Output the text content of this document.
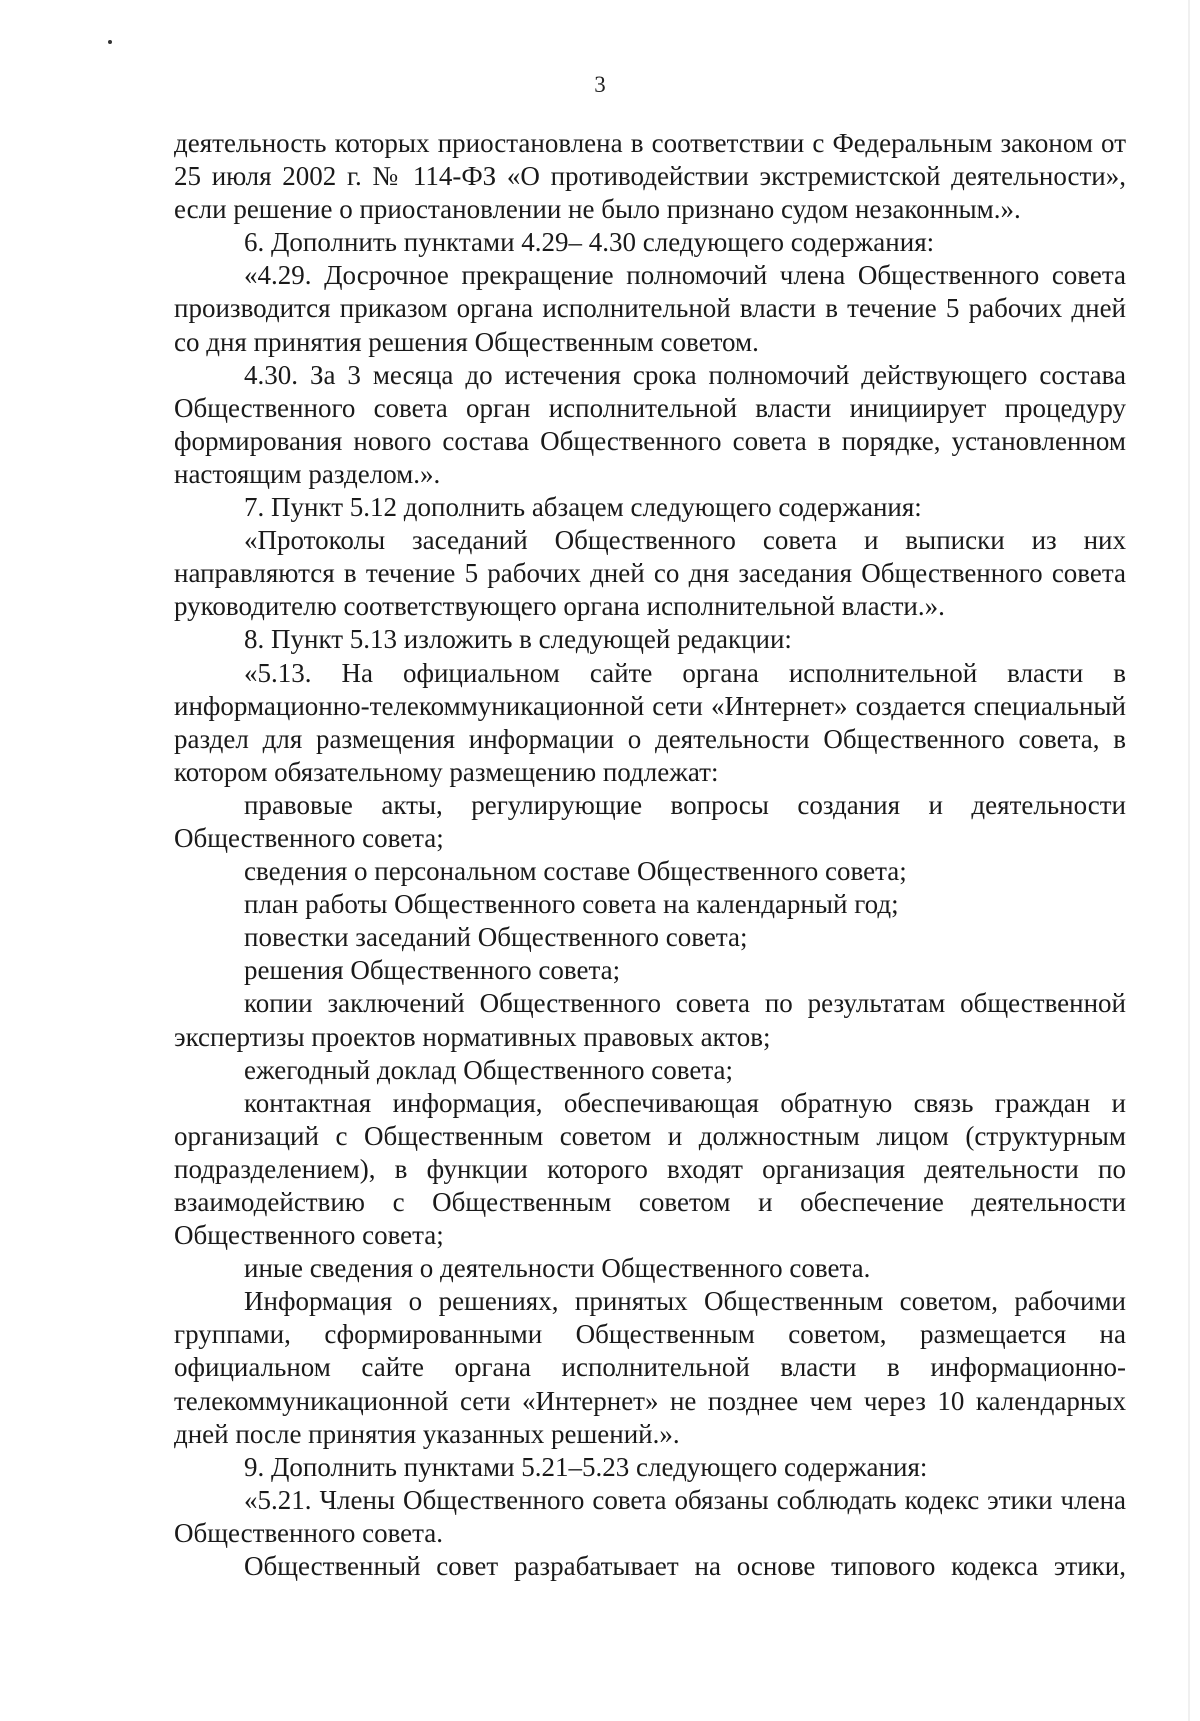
3

деятельность которых приостановлена в соответствии с Федеральным законом от 25 июля 2002 г. № 114-ФЗ «О противодействии экстремистской деятельности», если решение о приостановлении не было признано судом незаконным.».

6. Дополнить пунктами 4.29– 4.30 следующего содержания:

«4.29. Досрочное прекращение полномочий члена Общественного совета производится приказом органа исполнительной власти в течение 5 рабочих дней со дня принятия решения Общественным советом.

4.30. За 3 месяца до истечения срока полномочий действующего состава Общественного совета орган исполнительной власти инициирует процедуру формирования нового состава Общественного совета в порядке, установленном настоящим разделом.».

7. Пункт 5.12 дополнить абзацем следующего содержания:

«Протоколы заседаний Общественного совета и выписки из них направляются в течение 5 рабочих дней со дня заседания Общественного совета руководителю соответствующего органа исполнительной власти.».

8. Пункт 5.13 изложить в следующей редакции:

«5.13. На официальном сайте органа исполнительной власти в информационно-телекоммуникационной сети «Интернет» создается специальный раздел для размещения информации о деятельности Общественного совета, в котором обязательному размещению подлежат:

правовые акты, регулирующие вопросы создания и деятельности Общественного совета;

сведения о персональном составе Общественного совета;

план работы Общественного совета на календарный год;

повестки заседаний Общественного совета;

решения Общественного совета;

копии заключений Общественного совета по результатам общественной экспертизы проектов нормативных правовых актов;

ежегодный доклад Общественного совета;

контактная информация, обеспечивающая обратную связь граждан и организаций с Общественным советом и должностным лицом (структурным подразделением), в функции которого входят организация деятельности по взаимодействию с Общественным советом и обеспечение деятельности Общественного совета;

иные сведения о деятельности Общественного совета.

Информация о решениях, принятых Общественным советом, рабочими группами, сформированными Общественным советом, размещается на официальном сайте органа исполнительной власти в информационно-телекоммуникационной сети «Интернет» не позднее чем через 10 календарных дней после принятия указанных решений.».

9. Дополнить пунктами 5.21–5.23 следующего содержания:

«5.21. Члены Общественного совета обязаны соблюдать кодекс этики члена Общественного совета.

Общественный совет разрабатывает на основе типового кодекса этики,
